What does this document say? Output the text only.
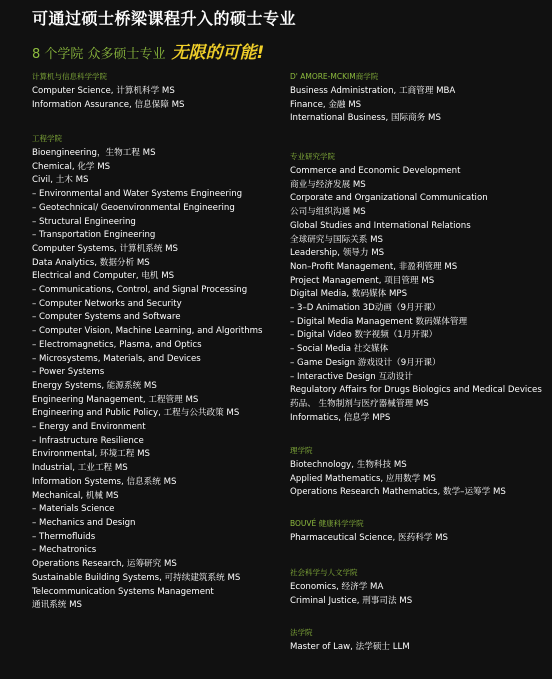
可通过硕士桥梁课程升入的硕士专业
8 个学院 众多硕士专业 无限的可能!
计算机与信息科学学院
Computer Science, 计算机科学 MS
Information Assurance, 信息保障 MS
工程学院
Bioengineering，生物工程 MS
Chemical, 化学 MS
Civil, 土木 MS
– Environmental and Water Systems Engineering
– Geotechnical/ Geoenvironmental Engineering
– Structural Engineering
– Transportation Engineering
Computer Systems, 计算机系统 MS
Data Analytics, 数据分析 MS
Electrical and Computer, 电机 MS
– Communications, Control, and Signal Processing
– Computer Networks and Security
– Computer Systems and Software
– Computer Vision, Machine Learning, and Algorithms
– Electromagnetics, Plasma, and Optics
– Microsystems, Materials, and Devices
– Power Systems
Energy Systems, 能源系统 MS
Engineering Management, 工程管理 MS
Engineering and Public Policy, 工程与公共政策 MS
– Energy and Environment
– Infrastructure Resilience
Environmental, 环境工程 MS
Industrial, 工业工程 MS
Information Systems, 信息系统 MS
Mechanical, 机械 MS
– Materials Science
– Mechanics and Design
– Thermofluids
– Mechatronics
Operations Research, 运筹研究 MS
Sustainable Building Systems, 可持续建筑系统 MS
Telecommunication Systems Management
通讯系统 MS
D' AMORE-MCKIM商学院
Business Administration, 工商管理 MBA
Finance, 金融 MS
International Business, 国际商务 MS
专业研究学院
Commerce and Economic Development
商业与经济发展 MS
Corporate and Organizational Communication
公司与组织沟通 MS
Global Studies and International Relations
全球研究与国际关系 MS
Leadership, 领导力 MS
Non–Profit Management, 非盈利管理 MS
Project Management, 项目管理 MS
Digital Media, 数码媒体 MPS
– 3–D Animation 3D动画（9月开课）
– Digital Media Management 数码媒体管理
– Digital Video 数字视频（1月开课）
– Social Media 社交媒体
– Game Design 游戏设计（9月开课）
– Interactive Design 互动设计
Regulatory Affairs for Drugs Biologics and Medical Devices
药品、 生物制剂与医疗器械管理 MS
Informatics, 信息学 MPS
理学院
Biotechnology, 生物科技 MS
Applied Mathematics, 应用数学 MS
Operations Research Mathematics, 数学–运筹学 MS
BOUVÉ 健康科学学院
Pharmaceutical Science, 医药科学 MS
社会科学与人文学院
Economics, 经济学 MA
Criminal Justice, 刑事司法 MS
法学院
Master of Law, 法学硕士 LLM
